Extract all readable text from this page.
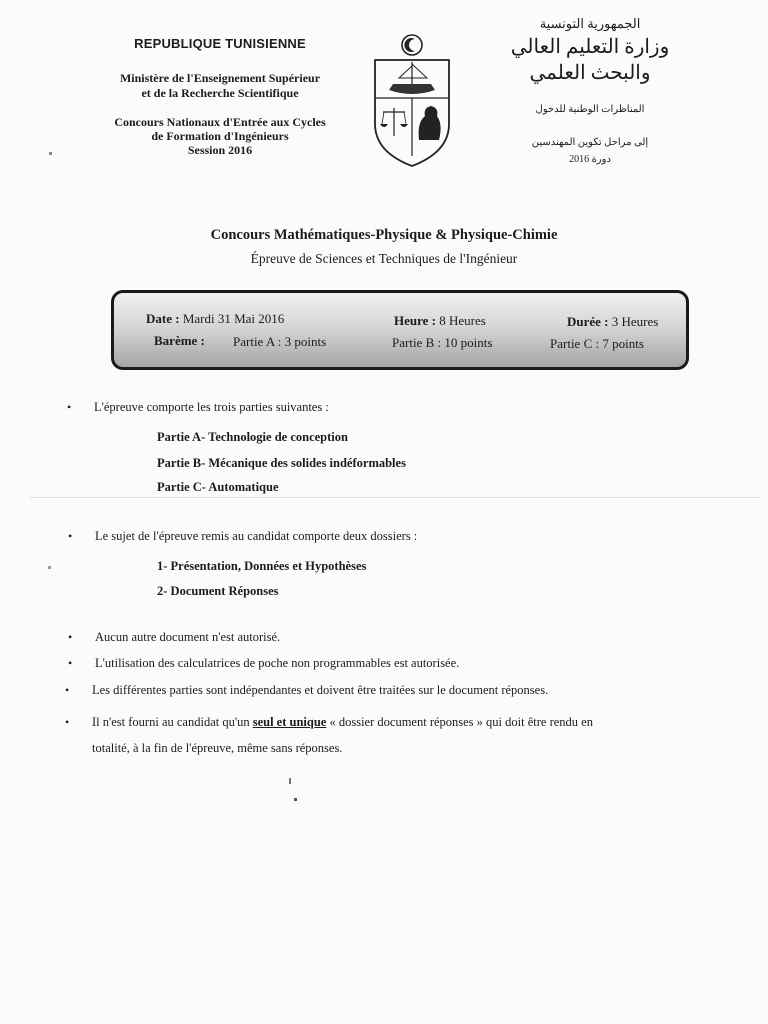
REPUBLIQUE TUNISIENNE
Ministère de l'Enseignement Supérieur
et de la Recherche Scientifique
Concours Nationaux d'Entrée aux Cycles
de Formation d'Ingénieurs
Session 2016
الجمهورية التونسية
وزارة التعليم العالي
والبحث العلمي
المناظرات الوطنية للدخول
إلى مراحل تكوين المهندسين
دورة 2016
Concours Mathématiques-Physique & Physique-Chimie
Épreuve de Sciences et Techniques de l'Ingénieur
Date : Mardi 31 Mai 2016	Heure : 8 Heures	Durée : 3 Heures
Barème : Partie A : 3 points	Partie B : 10 points	Partie C : 7 points
• L'épreuve comporte les trois parties suivantes :
Partie A- Technologie de conception
Partie B- Mécanique des solides indéformables
Partie C- Automatique
• Le sujet de l'épreuve remis au candidat comporte deux dossiers :
1- Présentation, Données et Hypothèses
2- Document Réponses
• Aucun autre document n'est autorisé.
• L'utilisation des calculatrices de poche non programmables est autorisée.
• Les différentes parties sont indépendantes et doivent être traitées sur le document réponses.
• Il n'est fourni au candidat qu'un seul et unique « dossier document réponses » qui doit être rendu en
totalité, à la fin de l'épreuve, même sans réponses.
